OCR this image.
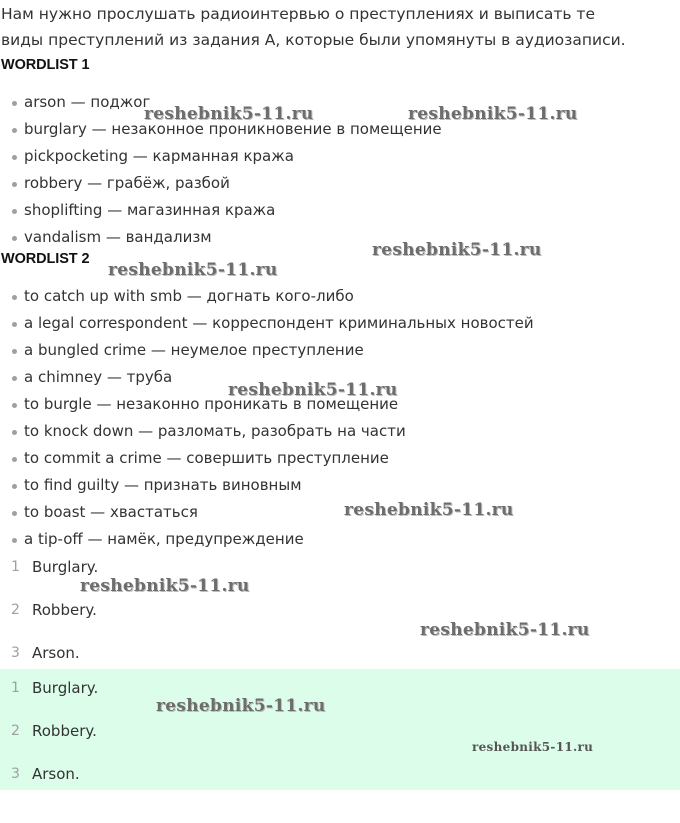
Нам нужно прослушать радиоинтервью о преступлениях и выписать те виды преступлений из задания A, которые были упомянуты в аудиозаписи.
WORDLIST 1
arson — поджог
burglary — незаконное проникновение в помещение
pickpocketing — карманная кража
robbery — грабёж, разбой
shoplifting — магазинная кража
vandalism — вандализм
WORDLIST 2
to catch up with smb — догнать кого-либо
a legal correspondent — корреспондент криминальных новостей
a bungled crime — неумелое преступление
a chimney — труба
to burgle — незаконно проникать в помещение
to knock down — разломать, разобрать на части
to commit a crime — совершить преступление
to find guilty — признать виновным
to boast — хвастаться
a tip-off — намёк, предупреждение
1 Burglary.
2 Robbery.
3 Arson.
1 Burglary.
2 Robbery.
3 Arson.
reshebnik5-11.ru	reshebnik5-11.ru
reshebnik5-11.ru
reshebnik5-11.ru
reshebnik5-11.ru
reshebnik5-11.ru
reshebnik5-11.ru
reshebnik5-11.ru
reshebnik5-11.ru
reshebnik5-11.ru
